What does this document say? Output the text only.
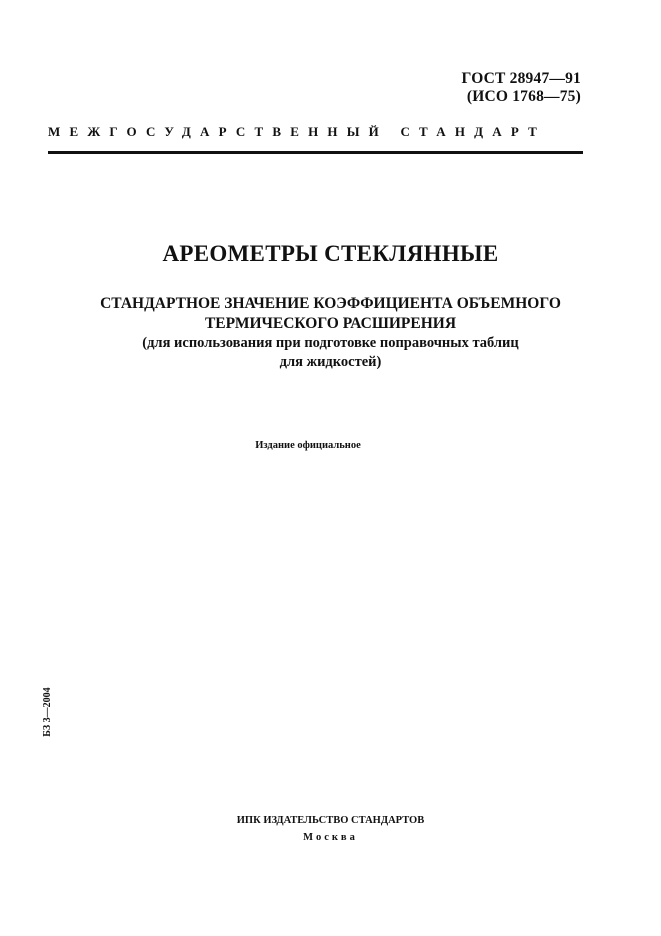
ГОСТ 28947—91
(ИСО 1768—75)
МЕЖГОСУДАРСТВЕННЫЙ СТАНДАРТ
АРЕОМЕТРЫ СТЕКЛЯННЫЕ
СТАНДАРТНОЕ ЗНАЧЕНИЕ КОЭФФИЦИЕНТА ОБЪЕМНОГО
ТЕРМИЧЕСКОГО РАСШИРЕНИЯ
(для использования при подготовке поправочных таблиц
для жидкостей)
Издание официальное
БЗ 3—2004
ИПК ИЗДАТЕЛЬСТВО СТАНДАРТОВ
Москва
